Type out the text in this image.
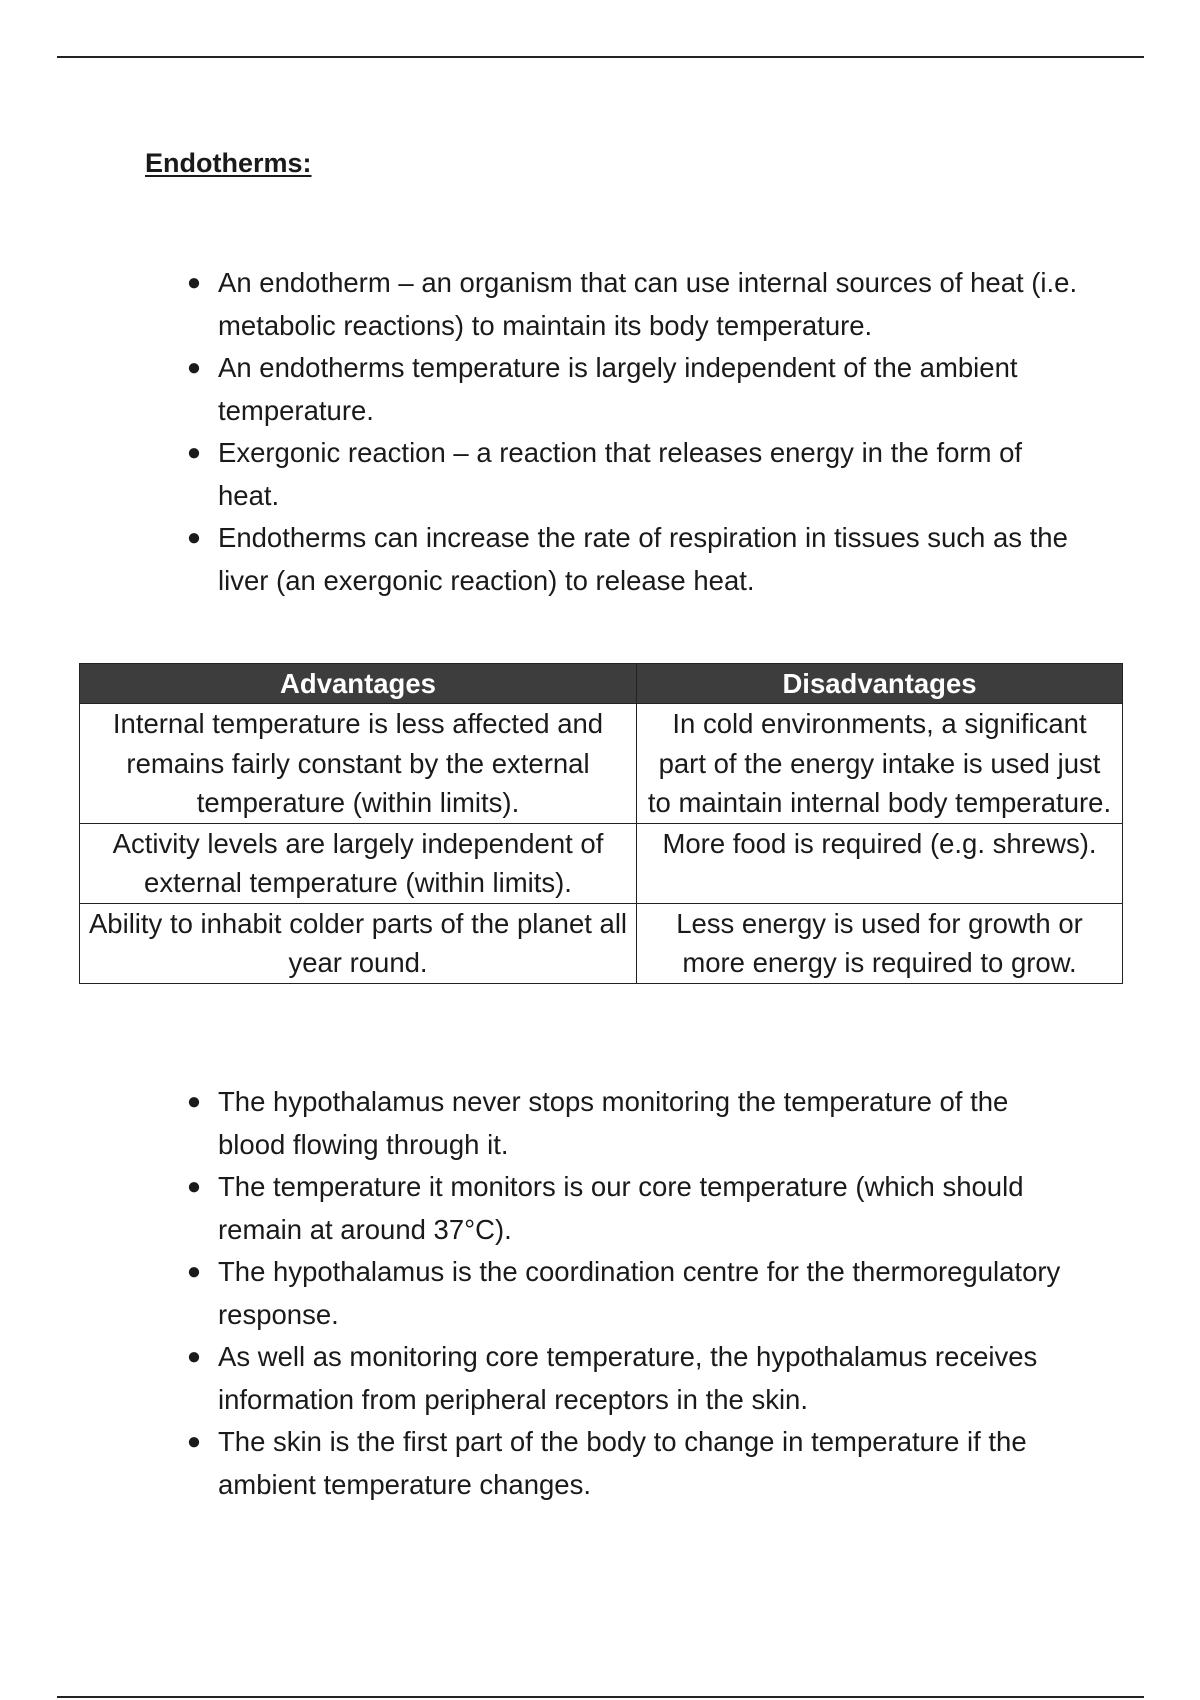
Endotherms:
● An endotherm – an organism that can use internal sources of heat (i.e. metabolic reactions) to maintain its body temperature.
● An endotherms temperature is largely independent of the ambient temperature.
● Exergonic reaction – a reaction that releases energy in the form of heat.
● Endotherms can increase the rate of respiration in tissues such as the liver (an exergonic reaction) to release heat.
Advantages	Disadvantages
Internal temperature is less affected and remains fairly constant by the external temperature (within limits).	In cold environments, a significant part of the energy intake is used just to maintain internal body temperature.
Activity levels are largely independent of external temperature (within limits).	More food is required (e.g. shrews).
Ability to inhabit colder parts of the planet all year round.	Less energy is used for growth or more energy is required to grow.
● The hypothalamus never stops monitoring the temperature of the blood flowing through it.
● The temperature it monitors is our core temperature (which should remain at around 37°C).
● The hypothalamus is the coordination centre for the thermoregulatory response.
● As well as monitoring core temperature, the hypothalamus receives information from peripheral receptors in the skin.
● The skin is the first part of the body to change in temperature if the ambient temperature changes.
